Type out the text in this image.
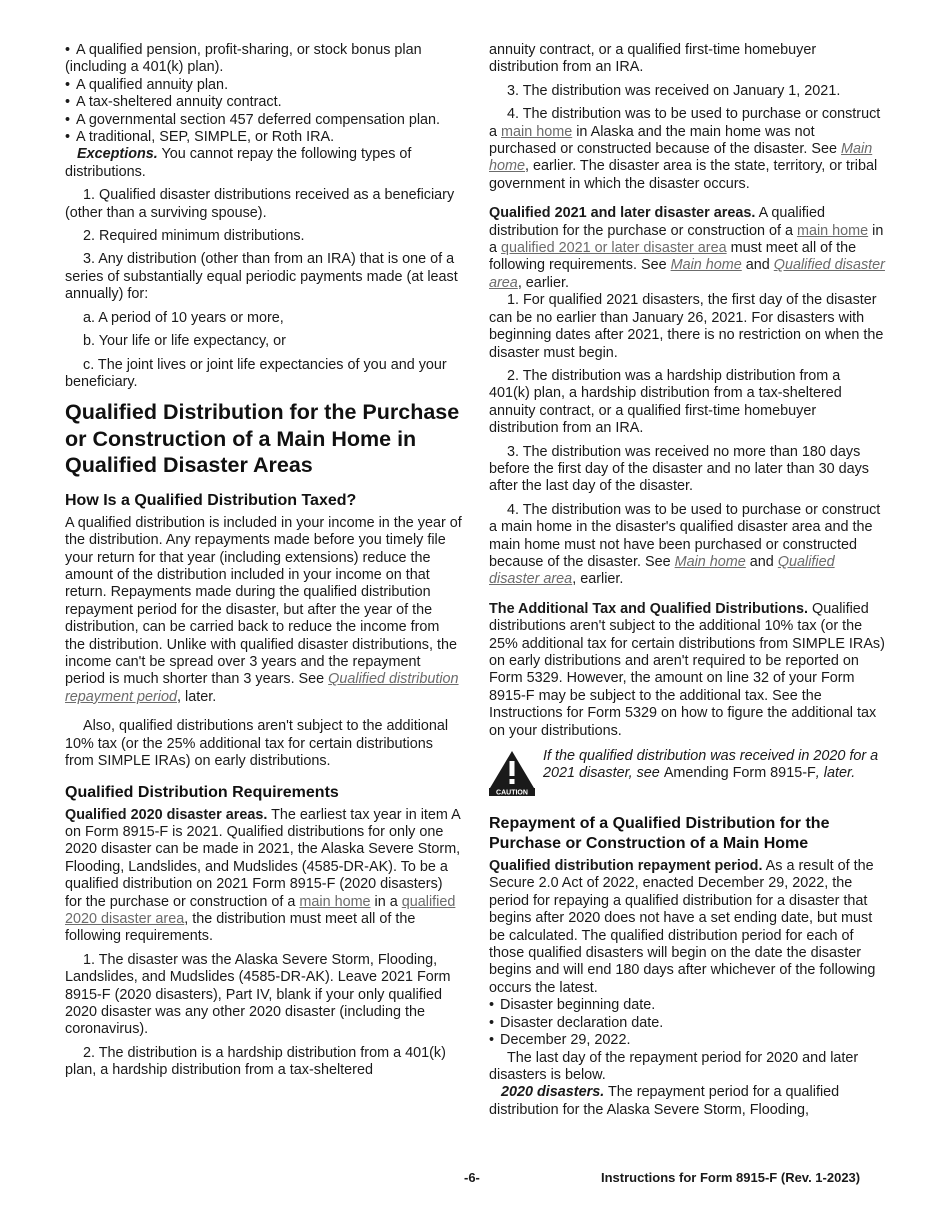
• A qualified pension, profit-sharing, or stock bonus plan (including a 401(k) plan).

• A qualified annuity plan.

• A tax-sheltered annuity contract.

• A governmental section 457 deferred compensation plan.

• A traditional, SEP, SIMPLE, or Roth IRA.

Exceptions. You cannot repay the following types of distributions.

1. Qualified disaster distributions received as a beneficiary (other than a surviving spouse).

2. Required minimum distributions.

3. Any distribution (other than from an IRA) that is one of a series of substantially equal periodic payments made (at least annually) for:

a. A period of 10 years or more,

b. Your life or life expectancy, or

c. The joint lives or joint life expectancies of you and your beneficiary.

Qualified Distribution for the Purchase or Construction of a Main Home in Qualified Disaster Areas

How Is a Qualified Distribution Taxed?

A qualified distribution is included in your income in the year of the distribution. Any repayments made before you timely file your return for that year (including extensions) reduce the amount of the distribution included in your income on that return. Repayments made during the qualified distribution repayment period for the disaster, but after the year of the distribution, can be carried back to reduce the income from the distribution. Unlike with qualified disaster distributions, the income can't be spread over 3 years and the repayment period is much shorter than 3 years. See Qualified distribution repayment period, later.

Also, qualified distributions aren't subject to the additional 10% tax (or the 25% additional tax for certain distributions from SIMPLE IRAs) on early distributions.

Qualified Distribution Requirements

Qualified 2020 disaster areas. The earliest tax year in item A on Form 8915-F is 2021. Qualified distributions for only one 2020 disaster can be made in 2021, the Alaska Severe Storm, Flooding, Landslides, and Mudslides (4585-DR-AK). To be a qualified distribution on 2021 Form 8915-F (2020 disasters) for the purchase or construction of a main home in a qualified 2020 disaster area, the distribution must meet all of the following requirements.

1. The disaster was the Alaska Severe Storm, Flooding, Landslides, and Mudslides (4585-DR-AK). Leave 2021 Form 8915-F (2020 disasters), Part IV, blank if your only qualified 2020 disaster was any other 2020 disaster (including the coronavirus).

2. The distribution is a hardship distribution from a 401(k) plan, a hardship distribution from a tax-sheltered

annuity contract, or a qualified first-time homebuyer distribution from an IRA.

3. The distribution was received on January 1, 2021.

4. The distribution was to be used to purchase or construct a main home in Alaska and the main home was not purchased or constructed because of the disaster. See Main home, earlier. The disaster area is the state, territory, or tribal government in which the disaster occurs.

Qualified 2021 and later disaster areas. A qualified distribution for the purchase or construction of a main home in a qualified 2021 or later disaster area must meet all of the following requirements. See Main home and Qualified disaster area, earlier.

1. For qualified 2021 disasters, the first day of the disaster can be no earlier than January 26, 2021. For disasters with beginning dates after 2021, there is no restriction on when the disaster must begin.

2. The distribution was a hardship distribution from a 401(k) plan, a hardship distribution from a tax-sheltered annuity contract, or a qualified first-time homebuyer distribution from an IRA.

3. The distribution was received no more than 180 days before the first day of the disaster and no later than 30 days after the last day of the disaster.

4. The distribution was to be used to purchase or construct a main home in the disaster's qualified disaster area and the main home must not have been purchased or constructed because of the disaster. See Main home and Qualified disaster area, earlier.

The Additional Tax and Qualified Distributions. Qualified distributions aren't subject to the additional 10% tax (or the 25% additional tax for certain distributions from SIMPLE IRAs) on early distributions and aren't required to be reported on Form 5329. However, the amount on line 32 of your Form 8915-F may be subject to the additional tax. See the Instructions for Form 5329 on how to figure the additional tax on your distributions.

CAUTION

If the qualified distribution was received in 2020 for a 2021 disaster, see Amending Form 8915-F, later.

Repayment of a Qualified Distribution for the Purchase or Construction of a Main Home

Qualified distribution repayment period. As a result of the Secure 2.0 Act of 2022, enacted December 29, 2022, the period for repaying a qualified distribution for a disaster that begins after 2020 does not have a set ending date, but must be calculated. The qualified distribution period for each of those qualified disasters will begin on the date the disaster begins and will end 180 days after whichever of the following occurs the latest.

• Disaster beginning date.

• Disaster declaration date.

• December 29, 2022.

The last day of the repayment period for 2020 and later disasters is below.

2020 disasters. The repayment period for a qualified distribution for the Alaska Severe Storm, Flooding,

-6-	Instructions for Form 8915-F (Rev. 1-2023)
